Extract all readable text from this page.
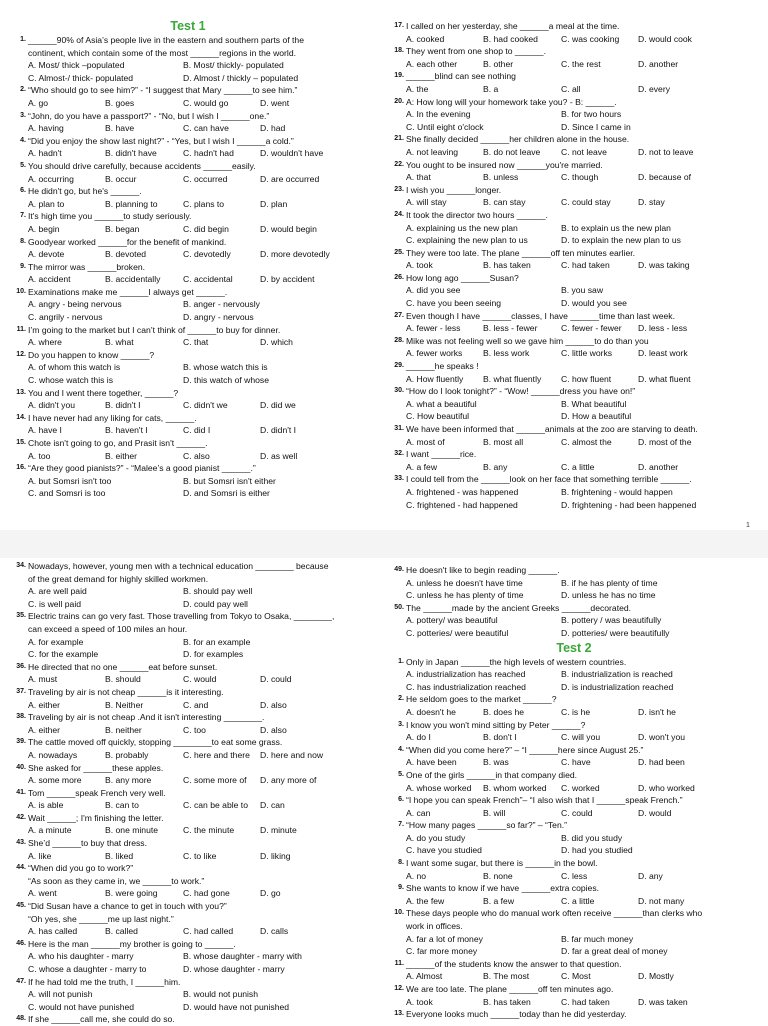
Test 1
1. ______90% of Asia’s people live in the eastern and southern parts of the
continent, which contain some of the most ______regions in the world.
A. Most/ thick –populated	B. Most/ thickly- populated
C. Almost-/ thick- populated	D. Almost / thickly – populated
2. “Who should go to see him?” - “I suggest that Mary ______to see him.”
A. go	B. goes	C. would go	D. went
3. “John, do you have a passport?” - “No, but I wish I ______one.”
A. having	B. have	C. can have	D. had
4. “Did you enjoy the show last night?” - “Yes, but I wish I ______a cold.”
A. hadn't	B. didn't have	C. hadn't had	D. wouldn't have
5. You should drive carefully, because accidents ______easily.
A. occurring	B. occur	C. occurred	D. are occurred
6. He didn't go, but he's ______.
A. plan to	B. planning to	C. plans to	D. plan
7. It's high time you ______to study seriously.
A. begin	B. began	C. did begin	D. would begin
8. Goodyear worked ______for the benefit of mankind.
A. devote	B. devoted	C. devotedly	D. more devotedly
9. The mirror was ______broken.
A. accident	B. accidentally	C. accidental	D. by accident
10. Examinations make me ______I always get ______.
A. angry - being nervous	B. anger - nervously
C. angrily - nervous	D. angry - nervous
11. I’m going to the market but I can’t think of ______to buy for dinner.
A. where	B. what	C. that	D. which
12. Do you happen to know ______?
A. of whom this watch is	B. whose watch this is
C. whose watch this is	D. this watch of whose
13. You and I went there together, ______?
A. didn't you	B. didn't I	C. didn't we	D. did we
14. I have never had any liking for cats, ______.
A. have I	B. haven't I	C. did I	D. didn't I
15. Chote isn't going to go, and Prasit isn't ______.
A. too	B. either	C. also	D. as well
16. “Are they good pianists?” - “Malee’s a good pianist ______.”
A. but Somsri isn't too	B. but Somsri isn't either
C. and Somsri is too	D. and Somsri is either
17. I called on her yesterday, she ______a meal at the time.
A. cooked	B. had cooked	C. was cooking	D. would cook
18. They went from one shop to ______.
A. each other	B. other	C. the rest	D. another
19. ______blind can see nothing
A. the	B. a	C. all	D. every
20. A: How long will your homework take you? - B: ______.
A. In the evening	B. for two hours
C. Until eight o'clock	D. Since I came in
21. She finally decided ______her children alone in the house.
A. not leaving	B. do not leave	C. not leave	D. not to leave
22. You ought to be insured now ______you're married.
A. that	B. unless	C. though	D. because of
23. I wish you ______longer.
A. will stay	B. can stay	C. could stay	D. stay
24. It took the director two hours ______.
A. explaining us the new plan	B. to explain us the new plan
C. explaining the new plan to us	D. to explain the new plan to us
25. They were too late. The plane ______off ten minutes earlier.
A. took	B. has taken	C. had taken	D. was taking
26. How long ago ______Susan?
A. did you see	B. you saw
C. have you been seeing	D. would you see
27. Even though I have ______classes, I have ______time than last week.
A. fewer - less	B. less - fewer	C. fewer - fewer	D. less - less
28. Mike was not feeling well so we gave him ______to do than you
A. fewer works	B. less work	C. little works	D. least work
29. ______he speaks !
A. How fluently	B. what fluently	C. how fluent	D. what fluent
30. “How do I look tonight?” - “Wow! ______dress you have on!”
A. what a beautiful	B. What beautiful
C. How beautiful	D. How a beautiful
31. We have been informed that ______animals at the zoo are starving to death.
A. most of	B. most all	C. almost the	D. most of the
32. I want ______rice.
A. a few	B. any	C. a little	D. another
33. I could tell from the ______look on her face that something terrible ______.
A. frightened - was happened	B. frightening - would happen
C. frightened - had happened	D. frightening - had been happened
1
34. Nowadays, however, young men with a technical education ________ because
of the great demand for highly skilled workmen.
A. are well paid	B. should pay well
C. is well paid	D. could pay well
35. Electric trains can go very fast. Those travelling from Tokyo to Osaka, ________,
can exceed a speed of 100 miles an hour.
A. for example	B. for an example
C. for the example	D. for examples
36. He directed that no one ______eat before sunset.
A. must	B. should	C. would	D. could
37. Traveling by air is not cheap ______is it interesting.
A. either	B. Neither	C. and	D. also
38. Traveling by air is not cheap .And it isn't interesting ________.
A. either	B. neither	C. too	D. also
39. The cattle moved off quickly, stopping ________to eat some grass.
A. nowadays	B. probably	C. here and there	D. here and now
40. She asked for ______these apples.
A. some more	B. any more	C. some more of	D. any more of
41. Tom ______speak French very well.
A. is able	B. can to	C. can be able to	D. can
42. Wait ______; I'm finishing the letter.
A. a minute	B. one minute	C. the minute	D. minute
43. She’d ______to buy that dress.
A. like	B. liked	C. to like	D. liking
44. “When did you go to work?”
“As soon as they came in, we ______to work.”
A. went	B. were going	C. had gone	D. go
45. “Did Susan have a chance to get in touch with you?”
“Oh yes, she ______me up last night.”
A. has called	B. called	C. had called	D. calls
46. Here is the man ______my brother is going to ______.
A. who his daughter - marry	B. whose daughter - marry with
C. whose a daughter - marry to	D. whose daughter - marry
47. If he had told me the truth, I ______him.
A. will not punish	B. would not punish
C. would not have punished	D. would have not punished
48. If she ______call me, she could do so.
49. He doesn't like to begin reading ______.
A. unless he doesn't have time	B. if he has plenty of time
C. unless he has plenty of time	D. unless he has no time
50. The ______made by the ancient Greeks ______decorated.
A. pottery/ was beautiful	B. pottery / was beautifully
C. potteries/ were beautiful	D. potteries/ were beautifully
Test 2
1. Only in Japan ______the high levels of western countries.
A. industrialization has reached	B. industrialization is reached
C. has industrialization reached	D. is industrialization reached
2. He seldom goes to the market ______?
A. doesn't he	B. does he	C. is he	D. isn't he
3. I know you won't mind sitting by Peter ______?
A. do I	B. don't I	C. will you	D. won't you
4. “When did you come here?” – “I ______here since August 25.”
A. have been	B. was	C. have	D. had been
5. One of the girls ______in that company died.
A. whose worked	B. whom worked	C. worked	D. who worked
6. “I hope you can speak French”– “I also wish that I ______speak French.”
A. can	B. will	C. could	D. would
7. “How many pages ______so far?” – “Ten.”
A. do you study	B. did you study
C. have you studied	D. had you studied
8. I want some sugar, but there is ______in the bowl.
A. no	B. none	C. less	D. any
9. She wants to know if we have ______extra copies.
A. the few	B. a few	C. a little	D. not many
10. These days people who do manual work often receive ______than clerks who
work in offices.
A. far a lot of money	B. far much money
C. far more money	D. far a great deal of money
11. ______of the students know the answer to that question.
A. Almost	B. The most	C. Most	D. Mostly
12. We are too late. The plane ______off ten minutes ago.
A. took	B. has taken	C. had taken	D. was taken
13. Everyone looks much ______today than he did yesterday.
